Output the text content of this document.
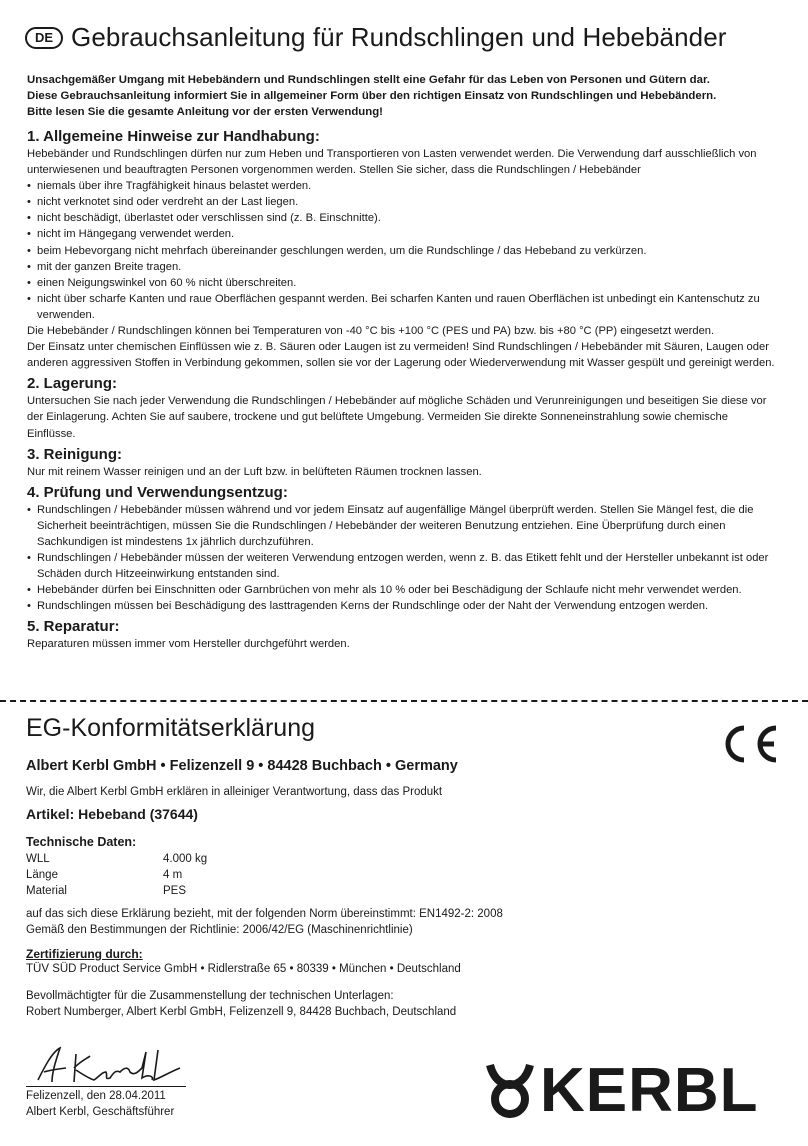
DE Gebrauchsanleitung für Rundschlingen und Hebebänder

Unsachgemäßer Umgang mit Hebebändern und Rundschlingen stellt eine Gefahr für das Leben von Personen und Gütern dar.
Diese Gebrauchsanleitung informiert Sie in allgemeiner Form über den richtigen Einsatz von Rundschlingen und Hebebändern.
Bitte lesen Sie die gesamte Anleitung vor der ersten Verwendung!

1. Allgemeine Hinweise zur Handhabung:

Hebebänder und Rundschlingen dürfen nur zum Heben und Transportieren von Lasten verwendet werden. Die Verwendung darf ausschließlich von unterwiesenen und beauftragten Personen vorgenommen werden. Stellen Sie sicher, dass die Rundschlingen / Hebebänder

• niemals über ihre Tragfähigkeit hinaus belastet werden.
• nicht verknotet sind oder verdreht an der Last liegen.
• nicht beschädigt, überlastet oder verschlissen sind (z. B. Einschnitte).
• nicht im Hängegang verwendet werden.
• beim Hebevorgang nicht mehrfach übereinander geschlungen werden, um die Rundschlinge / das Hebeband zu verkürzen.
• mit der ganzen Breite tragen.
• einen Neigungswinkel von 60 % nicht überschreiten.
• nicht über scharfe Kanten und raue Oberflächen gespannt werden. Bei scharfen Kanten und rauen Oberflächen ist unbedingt ein Kantenschutz zu verwenden.

Die Hebebänder / Rundschlingen können bei Temperaturen von -40 °C bis +100 °C (PES und PA) bzw. bis +80 °C (PP) eingesetzt werden.

Der Einsatz unter chemischen Einflüssen wie z. B. Säuren oder Laugen ist zu vermeiden! Sind Rundschlingen / Hebebänder mit Säuren, Laugen oder anderen aggressiven Stoffen in Verbindung gekommen, sollen sie vor der Lagerung oder Wiederverwendung mit Wasser gespült und gereinigt werden.

2. Lagerung:

Untersuchen Sie nach jeder Verwendung die Rundschlingen / Hebebänder auf mögliche Schäden und Verunreinigungen und beseitigen Sie diese vor der Einlagerung. Achten Sie auf saubere, trockene und gut belüftete Umgebung. Vermeiden Sie direkte Sonneneinstrahlung sowie chemische Einflüsse.

3. Reinigung:

Nur mit reinem Wasser reinigen und an der Luft bzw. in belüfteten Räumen trocknen lassen.

4. Prüfung und Verwendungsentzug:
• Rundschlingen / Hebebänder müssen während und vor jedem Einsatz auf augenfällige Mängel überprüft werden. Stellen Sie Mängel fest, die die Sicherheit beeinträchtigen, müssen Sie die Rundschlingen / Hebebänder der weiteren Benutzung entziehen. Eine Überprüfung durch einen Sachkundigen ist mindestens 1x jährlich durchzuführen.
• Rundschlingen / Hebebänder müssen der weiteren Verwendung entzogen werden, wenn z. B. das Etikett fehlt und der Hersteller unbekannt ist oder Schäden durch Hitzeeinwirkung entstanden sind.
• Hebebänder dürfen bei Einschnitten oder Garnbrüchen von mehr als 10 % oder bei Beschädigung der Schlaufe nicht mehr verwendet werden.
• Rundschlingen müssen bei Beschädigung des lasttragenden Kerns der Rundschlinge oder der Naht der Verwendung entzogen werden.
5. Reparatur:

Reparaturen müssen immer vom Hersteller durchgeführt werden.

EG-Konformitätserklärung
Albert Kerbl GmbH • Felizenzell 9 • 84428 Buchbach • Germany
Wir, die Albert Kerbl GmbH erklären in alleiniger Verantwortung, dass das Produkt
Artikel: Hebeband (37644)
Technische Daten:
WLL	4.000 kg
Länge	4 m
Material	PES
auf das sich diese Erklärung bezieht, mit der folgenden Norm übereinstimmt: EN1492-2: 2008
Gemäß den Bestimmungen der Richtlinie: 2006/42/EG (Maschinenrichtlinie)
Zertifizierung durch:
TÜV SÜD Product Service GmbH • Ridlerstraße 65 • 80339 • München • Deutschland
Bevollmächtigter für die Zusammenstellung der technischen Unterlagen:
Robert Numberger, Albert Kerbl GmbH, Felizenzell 9, 84428 Buchbach, Deutschland
Felizenzell, den 28.04.2011
Albert Kerbl, Geschäftsführer	KERBL
